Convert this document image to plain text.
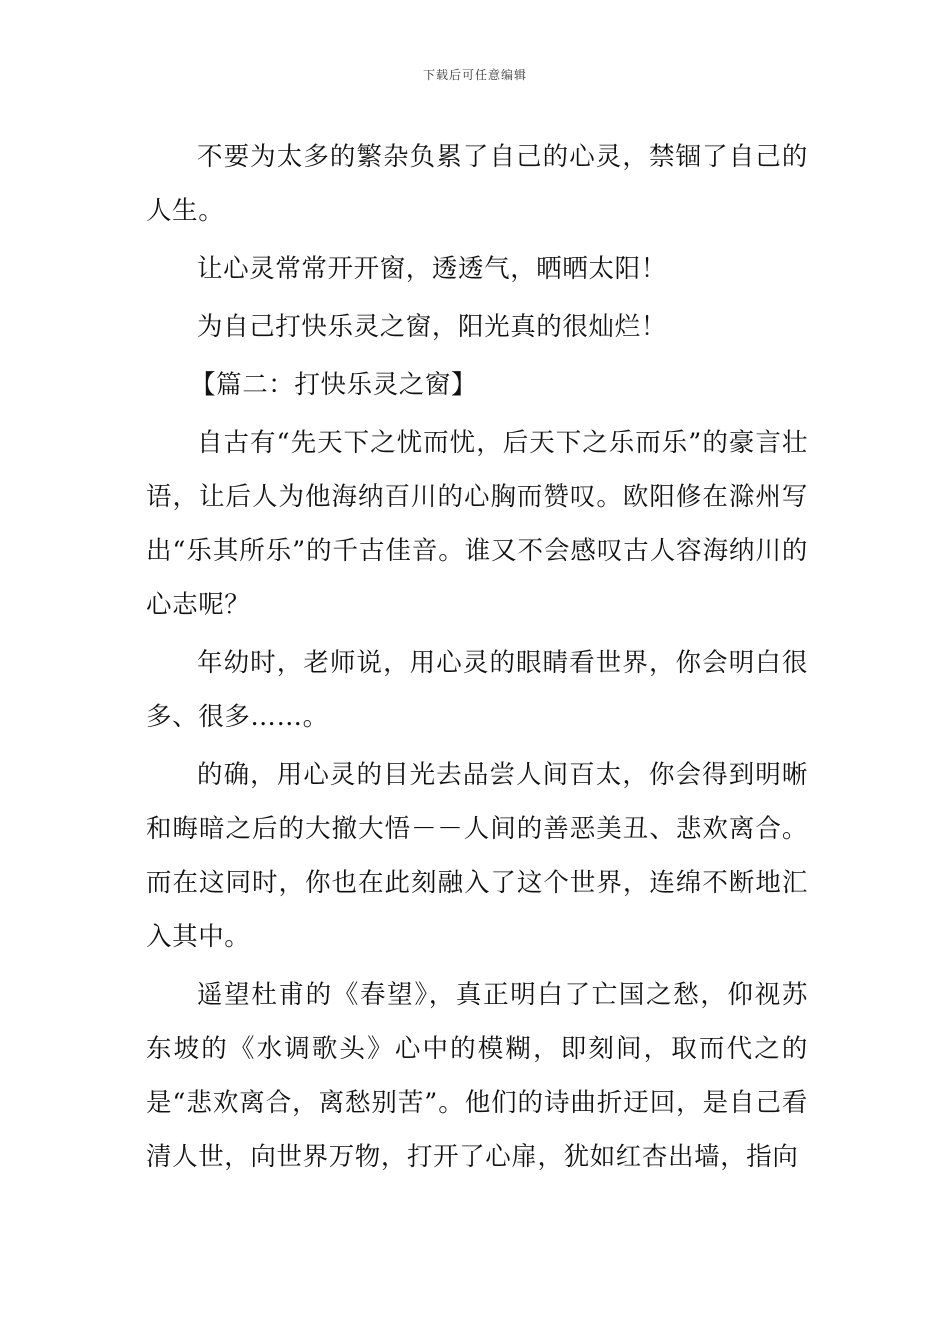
下载后可任意编辑

不要为太多的繁杂负累了自己的心灵，禁锢了自己的人生。

让心灵常常开开窗，透透气，晒晒太阳！

为自己打快乐灵之窗，阳光真的很灿烂！

【篇二：打快乐灵之窗】

自古有“先天下之忧而忧，后天下之乐而乐”的豪言壮语，让后人为他海纳百川的心胸而赞叹。欧阳修在滁州写出“乐其所乐”的千古佳音。谁又不会感叹古人容海纳川的心志呢？

年幼时，老师说，用心灵的眼睛看世界，你会明白很多、很多……。

的确，用心灵的目光去品尝人间百太，你会得到明晰和晦暗之后的大撤大悟－－人间的善恶美丑、悲欢离合。而在这同时，你也在此刻融入了这个世界，连绵不断地汇入其中。

遥望杜甫的《春望》，真正明白了亡国之愁，仰视苏东坡的《水调歌头》心中的模糊，即刻间，取而代之的是“悲欢离合，离愁别苦”。他们的诗曲折迂回，是自己看清人世，向世界万物，打开了心扉，犹如红杏出墙，指向
